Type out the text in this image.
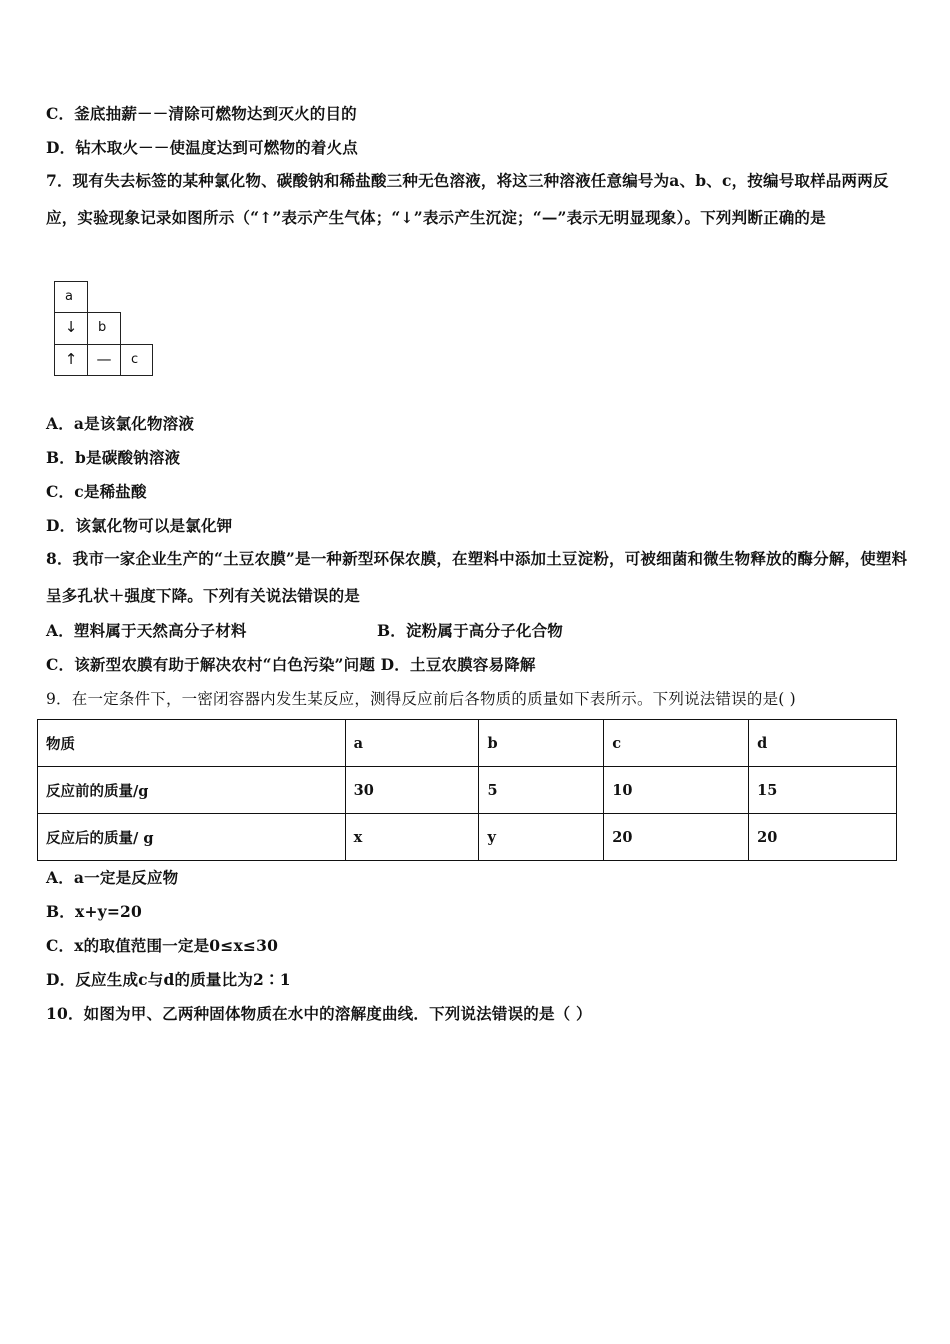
C．釜底抽薪－－清除可燃物达到灭火的目的
D．钻木取火－－使温度达到可燃物的着火点
7．现有失去标签的某种氯化物、碳酸钠和稀盐酸三种无色溶液，将这三种溶液任意编号为a、b、c，按编号取样品两两反应，实验现象记录如图所示（“↑”表示产生气体；“↓”表示产生沉淀；“—”表示无明显现象）。下列判断正确的是
a
↓	b
↑	—	c
A．a是该氯化物溶液
B．b是碳酸钠溶液
C．c是稀盐酸
D．该氯化物可以是氯化钾
8．我市一家企业生产的“土豆农膜”是一种新型环保农膜，在塑料中添加土豆淀粉，可被细菌和微生物释放的酶分解，使塑料呈多孔状＋强度下降。下列有关说法错误的是
A．塑料属于天然高分子材料	B．淀粉属于高分子化合物
C．该新型农膜有助于解决农村“白色污染”问题 D．土豆农膜容易降解
9．在一定条件下，一密闭容器内发生某反应，测得反应前后各物质的质量如下表所示。下列说法错误的是( )
物质	a	b	c	d
反应前的质量/g	30	5	10	15
反应后的质量/ g	x	y	20	20
A．a一定是反应物
B．x+y=20
C．x的取值范围一定是0≤x≤30
D．反应生成c与d的质量比为2∶1
10．如图为甲、乙两种固体物质在水中的溶解度曲线．下列说法错误的是（ ）
